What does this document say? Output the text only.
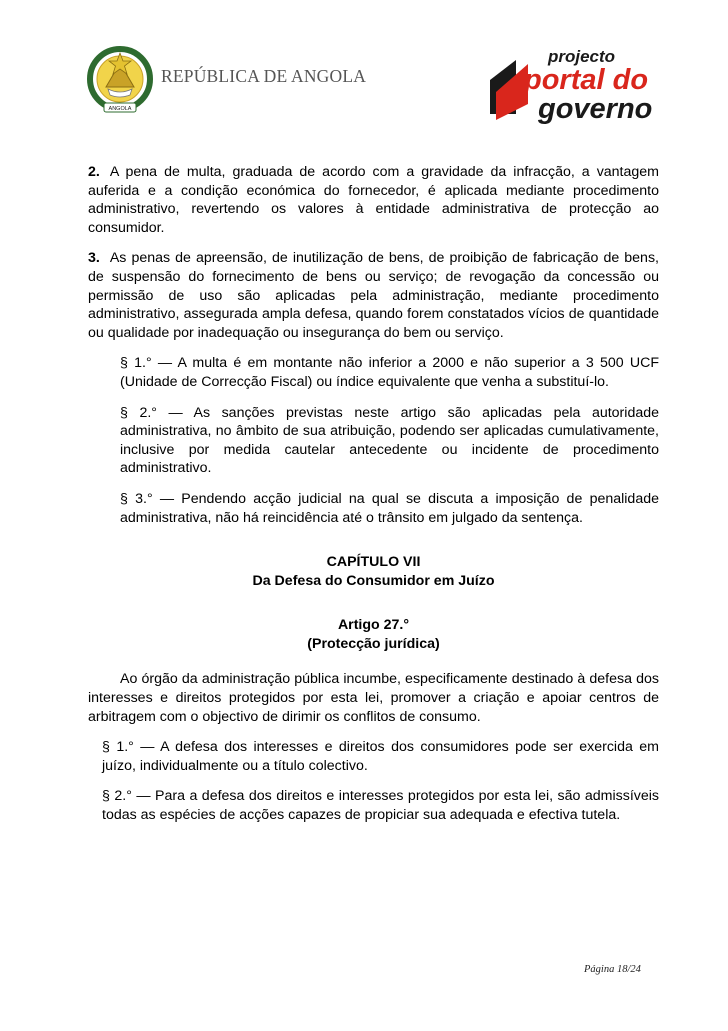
ANGOLA
REPÚBLICA DE ANGOLA
projecto
portal do
governo

2. A pena de multa, graduada de acordo com a gravidade da infracção, a vantagem auferida e a condição económica do fornecedor, é aplicada mediante procedimento administrativo, revertendo os valores à entidade administrativa de protecção ao consumidor.

3. As penas de apreensão, de inutilização de bens, de proibição de fabricação de bens, de suspensão do fornecimento de bens ou serviço; de revogação da concessão ou permissão de uso são aplicadas pela administração, mediante procedimento administrativo, assegurada ampla defesa, quando forem constatados vícios de quantidade ou qualidade por inadequação ou insegurança do bem ou serviço.

§ 1.° — A multa é em montante não inferior a 2000 e não superior a 3 500 UCF (Unidade de Correcção Fiscal) ou índice equivalente que venha a substituí-lo.

§ 2.° — As sanções previstas neste artigo são aplicadas pela autoridade administrativa, no âmbito de sua atribuição, podendo ser aplicadas cumulativamente, inclusive por medida cautelar antecedente ou incidente de procedimento administrativo.

§ 3.° — Pendendo acção judicial na qual se discuta a imposição de penalidade administrativa, não há reincidência até o trânsito em julgado da sentença.

CAPÍTULO VII

Da Defesa do Consumidor em Juízo

Artigo 27.°

(Protecção jurídica)

Ao órgão da administração pública incumbe, especificamente destinado à defesa dos interesses e direitos protegidos por esta lei, promover a criação e apoiar centros de arbitragem com o objectivo de dirimir os conflitos de consumo.

§ 1.° — A defesa dos interesses e direitos dos consumidores pode ser exercida em juízo, individualmente ou a título colectivo.

§ 2.° — Para a defesa dos direitos e interesses protegidos por esta lei, são admissíveis todas as espécies de acções capazes de propiciar sua adequada e efectiva tutela.

Página 18/24
